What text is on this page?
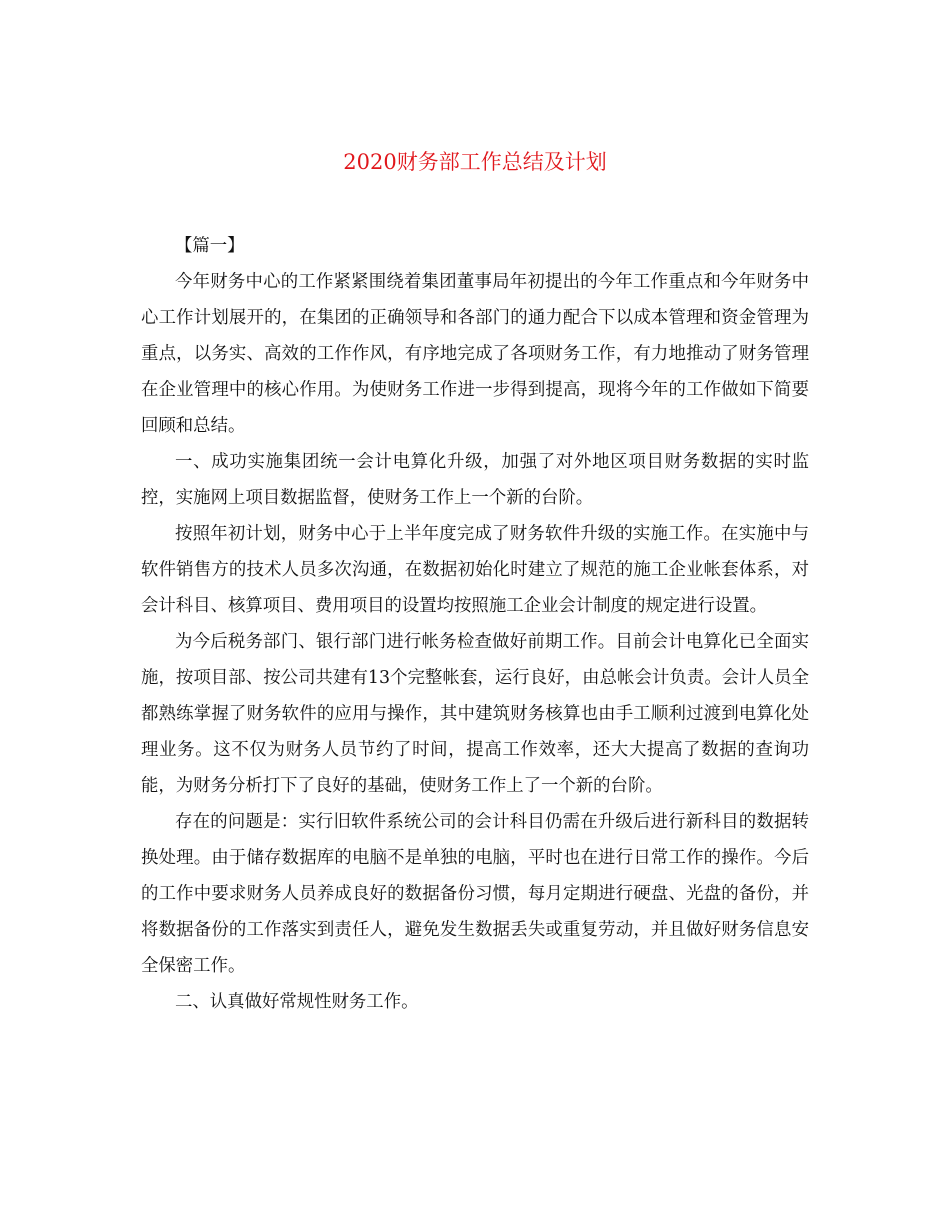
2020财务部工作总结及计划

【篇一】

今年财务中心的工作紧紧围绕着集团董事局年初提出的今年工作重点和今年财务中心工作计划展开的，在集团的正确领导和各部门的通力配合下以成本管理和资金管理为重点，以务实、高效的工作作风，有序地完成了各项财务工作，有力地推动了财务管理在企业管理中的核心作用。为使财务工作进一步得到提高，现将今年的工作做如下简要回顾和总结。

一、成功实施集团统一会计电算化升级，加强了对外地区项目财务数据的实时监控，实施网上项目数据监督，使财务工作上一个新的台阶。

按照年初计划，财务中心于上半年度完成了财务软件升级的实施工作。在实施中与软件销售方的技术人员多次沟通，在数据初始化时建立了规范的施工企业帐套体系，对会计科目、核算项目、费用项目的设置均按照施工企业会计制度的规定进行设置。

为今后税务部门、银行部门进行帐务检查做好前期工作。目前会计电算化已全面实施，按项目部、按公司共建有13个完整帐套，运行良好，由总帐会计负责。会计人员全都熟练掌握了财务软件的应用与操作，其中建筑财务核算也由手工顺利过渡到电算化处理业务。这不仅为财务人员节约了时间，提高工作效率，还大大提高了数据的查询功能，为财务分析打下了良好的基础，使财务工作上了一个新的台阶。

存在的问题是：实行旧软件系统公司的会计科目仍需在升级后进行新科目的数据转换处理。由于储存数据库的电脑不是单独的电脑，平时也在进行日常工作的操作。今后的工作中要求财务人员养成良好的数据备份习惯，每月定期进行硬盘、光盘的备份，并将数据备份的工作落实到责任人，避免发生数据丢失或重复劳动，并且做好财务信息安全保密工作。

二、认真做好常规性财务工作。
